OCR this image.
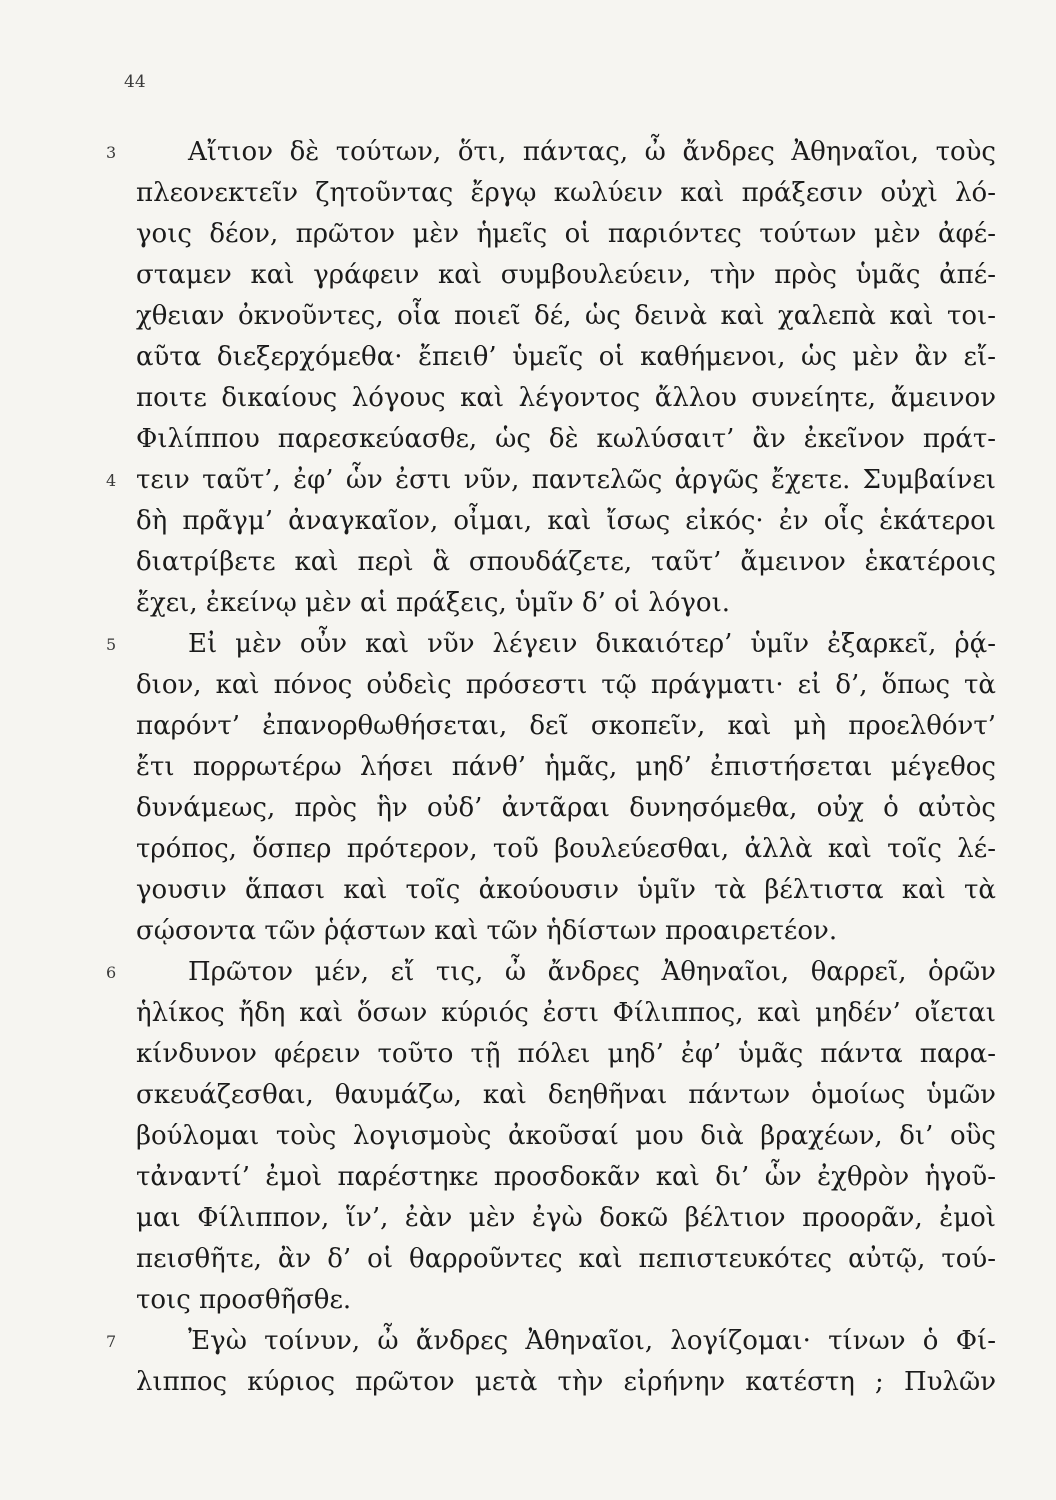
44
3	Αἴτιον δὲ τούτων, ὅτι, πάντας, ὦ ἄνδρες Ἀθηναῖοι, τοὺς
πλεονεκτεῖν ζητοῦντας ἔργῳ κωλύειν καὶ πράξεσιν οὐχὶ λό-
γοις δέον, πρῶτον μὲν ἡμεῖς οἱ παριόντες τούτων μὲν ἀφέ-
σταμεν καὶ γράφειν καὶ συμβουλεύειν, τὴν πρὸς ὑμᾶς ἀπέ-
χθειαν ὀκνοῦντες, οἷα ποιεῖ δέ, ὡς δεινὰ καὶ χαλεπὰ καὶ τοι-
αῦτα διεξερχόμεθα· ἔπειθ’ ὑμεῖς οἱ καθήμενοι, ὡς μὲν ἂν εἴ-
ποιτε δικαίους λόγους καὶ λέγοντος ἄλλου συνείητε, ἄμεινον
Φιλίππου παρεσκεύασθε, ὡς δὲ κωλύσαιτ’ ἂν ἐκεῖνον πράτ-
4 τειν ταῦτ’, ἐφ’ ὧν ἐστι νῦν, παντελῶς ἀργῶς ἔχετε. Συμβαίνει
δὴ πρᾶγμ’ ἀναγκαῖον, οἶμαι, καὶ ἴσως εἰκός· ἐν οἷς ἑκάτεροι
διατρίβετε καὶ περὶ ἃ σπουδάζετε, ταῦτ’ ἄμεινον ἑκατέροις
ἔχει, ἐκείνῳ μὲν αἱ πράξεις, ὑμῖν δ’ οἱ λόγοι.
5	Εἰ μὲν οὖν καὶ νῦν λέγειν δικαιότερ’ ὑμῖν ἐξαρκεῖ, ῥᾴ-
διον, καὶ πόνος οὐδεὶς πρόσεστι τῷ πράγματι· εἰ δ’, ὅπως τὰ
παρόντ’ ἐπανορθωθήσεται, δεῖ σκοπεῖν, καὶ μὴ προελθόντ’
ἔτι πορρωτέρω λήσει πάνθ’ ἡμᾶς, μηδ’ ἐπιστήσεται μέγεθος
δυνάμεως, πρὸς ἣν οὐδ’ ἀντᾶραι δυνησόμεθα, οὐχ ὁ αὐτὸς
τρόπος, ὅσπερ πρότερον, τοῦ βουλεύεσθαι, ἀλλὰ καὶ τοῖς λέ-
γουσιν ἅπασι καὶ τοῖς ἀκούουσιν ὑμῖν τὰ βέλτιστα καὶ τὰ
σῴσοντα τῶν ῥᾴστων καὶ τῶν ἡδίστων προαιρετέον.
6	Πρῶτον μέν, εἴ τις, ὦ ἄνδρες Ἀθηναῖοι, θαρρεῖ, ὁρῶν
ἡλίκος ἤδη καὶ ὅσων κύριός ἐστι Φίλιππος, καὶ μηδέν’ οἴεται
κίνδυνον φέρειν τοῦτο τῇ πόλει μηδ’ ἐφ’ ὑμᾶς πάντα παρα-
σκευάζεσθαι, θαυμάζω, καὶ δεηθῆναι πάντων ὁμοίως ὑμῶν
βούλομαι τοὺς λογισμοὺς ἀκοῦσαί μου διὰ βραχέων, δι’ οὓς
τἀναντί’ ἐμοὶ παρέστηκε προσδοκᾶν καὶ δι’ ὧν ἐχθρὸν ἡγοῦ-
μαι Φίλιππον, ἵν’, ἐὰν μὲν ἐγὼ δοκῶ βέλτιον προορᾶν, ἐμοὶ
πεισθῆτε, ἂν δ’ οἱ θαρροῦντες καὶ πεπιστευκότες αὐτῷ, τού-
τοις προσθῆσθε.
7	Ἐγὼ τοίνυν, ὦ ἄνδρες Ἀθηναῖοι, λογίζομαι· τίνων ὁ Φί-
λιππος κύριος πρῶτον μετὰ τὴν εἰρήνην κατέστη ; Πυλῶν
